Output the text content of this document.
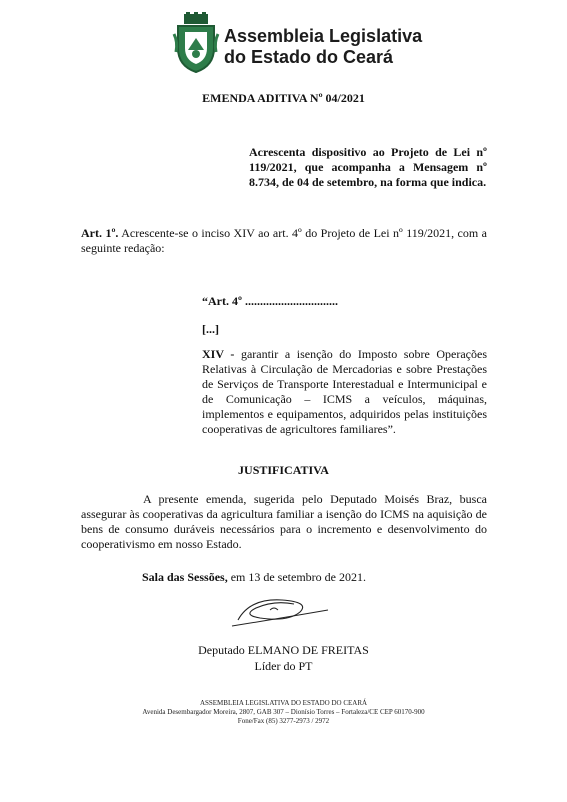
Assembleia Legislativa
do Estado do Ceará
EMENDA ADITIVA Nº 04/2021
Acrescenta dispositivo ao Projeto de Lei nº 119/2021, que acompanha a Mensagem nº 8.734, de 04 de setembro, na forma que indica.
Art. 1º. Acrescente-se o inciso XIV ao art. 4º do Projeto de Lei nº 119/2021, com a seguinte redação:
“Art. 4º ...............................
[...]
XIV - garantir a isenção do Imposto sobre Operações Relativas à Circulação de Mercadorias e sobre Prestações de Serviços de Transporte Interestadual e Intermunicipal e de Comunicação – ICMS a veículos, máquinas, implementos e equipamentos, adquiridos pelas instituições cooperativas de agricultores familiares”.
JUSTIFICATIVA
A presente emenda, sugerida pelo Deputado Moisés Braz, busca assegurar às cooperativas da agricultura familiar a isenção do ICMS na aquisição de bens de consumo duráveis necessários para o incremento e desenvolvimento do cooperativismo em nosso Estado.
Sala das Sessões, em 13 de setembro de 2021.
Deputado ELMANO DE FREITAS
Líder do PT
ASSEMBLEIA LEGISLATIVA DO ESTADO DO CEARÁ
Avenida Desembargador Moreira, 2807, GAB 307 – Dionísio Torres – Fortaleza/CE CEP 60170-900
Fone/Fax (85) 3277-2973 / 2972
